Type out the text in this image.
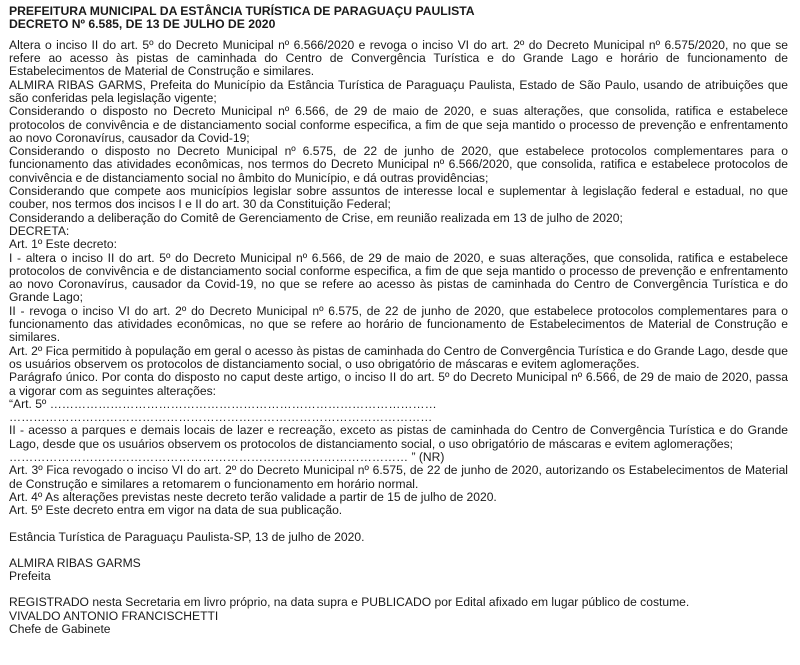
PREFEITURA MUNICIPAL DA ESTÂNCIA TURÍSTICA DE PARAGUAÇU PAULISTA
DECRETO Nº 6.585, DE 13 DE JULHO DE 2020

Altera o inciso II do art. 5º do Decreto Municipal nº 6.566/2020 e revoga o inciso VI do art. 2º do Decreto Municipal nº 6.575/2020, no que se refere ao acesso às pistas de caminhada do Centro de Convergência Turística e do Grande Lago e horário de funcionamento de Estabelecimentos de Material de Construção e similares.

ALMIRA RIBAS GARMS, Prefeita do Município da Estância Turística de Paraguaçu Paulista, Estado de São Paulo, usando de atribuições que são conferidas pela legislação vigente;

Considerando o disposto no Decreto Municipal nº 6.566, de 29 de maio de 2020, e suas alterações, que consolida, ratifica e estabelece protocolos de convivência e de distanciamento social conforme especifica, a fim de que seja mantido o processo de prevenção e enfrentamento ao novo Coronavírus, causador da Covid-19;

Considerando o disposto no Decreto Municipal nº 6.575, de 22 de junho de 2020, que estabelece protocolos complementares para o funcionamento das atividades econômicas, nos termos do Decreto Municipal nº 6.566/2020, que consolida, ratifica e estabelece protocolos de convivência e de distanciamento social no âmbito do Município, e dá outras providências;

Considerando que compete aos municípios legislar sobre assuntos de interesse local e suplementar à legislação federal e estadual, no que couber, nos termos dos incisos I e II do art. 30 da Constituição Federal;

Considerando a deliberação do Comitê de Gerenciamento de Crise, em reunião realizada em 13 de julho de 2020;

DECRETA:

Art. 1º Este decreto:

I - altera o inciso II do art. 5º do Decreto Municipal nº 6.566, de 29 de maio de 2020, e suas alterações, que consolida, ratifica e estabelece protocolos de convivência e de distanciamento social conforme especifica, a fim de que seja mantido o processo de prevenção e enfrentamento ao novo Coronavírus, causador da Covid-19, no que se refere ao acesso às pistas de caminhada do Centro de Convergência Turística e do Grande Lago;

II - revoga o inciso VI do art. 2º do Decreto Municipal nº 6.575, de 22 de junho de 2020, que estabelece protocolos complementares para o funcionamento das atividades econômicas, no que se refere ao horário de funcionamento de Estabelecimentos de Material de Construção e similares.

Art. 2º Fica permitido à população em geral o acesso às pistas de caminhada do Centro de Convergência Turística e do Grande Lago, desde que os usuários observem os protocolos de distanciamento social, o uso obrigatório de máscaras e evitem aglomerações.

Parágrafo único. Por conta do disposto no caput deste artigo, o inciso II do art. 5º do Decreto Municipal nº 6.566, de 29 de maio de 2020, passa a vigorar com as seguintes alterações:

“Art. 5º ……………………………………………………………………………………

……………………………………………………………………………………………

II - acesso a parques e demais locais de lazer e recreação, exceto as pistas de caminhada do Centro de Convergência Turística e do Grande Lago, desde que os usuários observem os protocolos de distanciamento social, o uso obrigatório de máscaras e evitem aglomerações;

……………………………………………………………………………………… ” (NR)

Art. 3º Fica revogado o inciso VI do art. 2º do Decreto Municipal nº 6.575, de 22 de junho de 2020, autorizando os Estabelecimentos de Material de Construção e similares a retomarem o funcionamento em horário normal.

Art. 4º As alterações previstas neste decreto terão validade a partir de 15 de julho de 2020.

Art. 5º Este decreto entra em vigor na data de sua publicação.

Estância Turística de Paraguaçu Paulista-SP, 13 de julho de 2020.

ALMIRA RIBAS GARMS
Prefeita

REGISTRADO nesta Secretaria em livro próprio, na data supra e PUBLICADO por Edital afixado em lugar público de costume.

VIVALDO ANTONIO FRANCISCHETTI
Chefe de Gabinete
